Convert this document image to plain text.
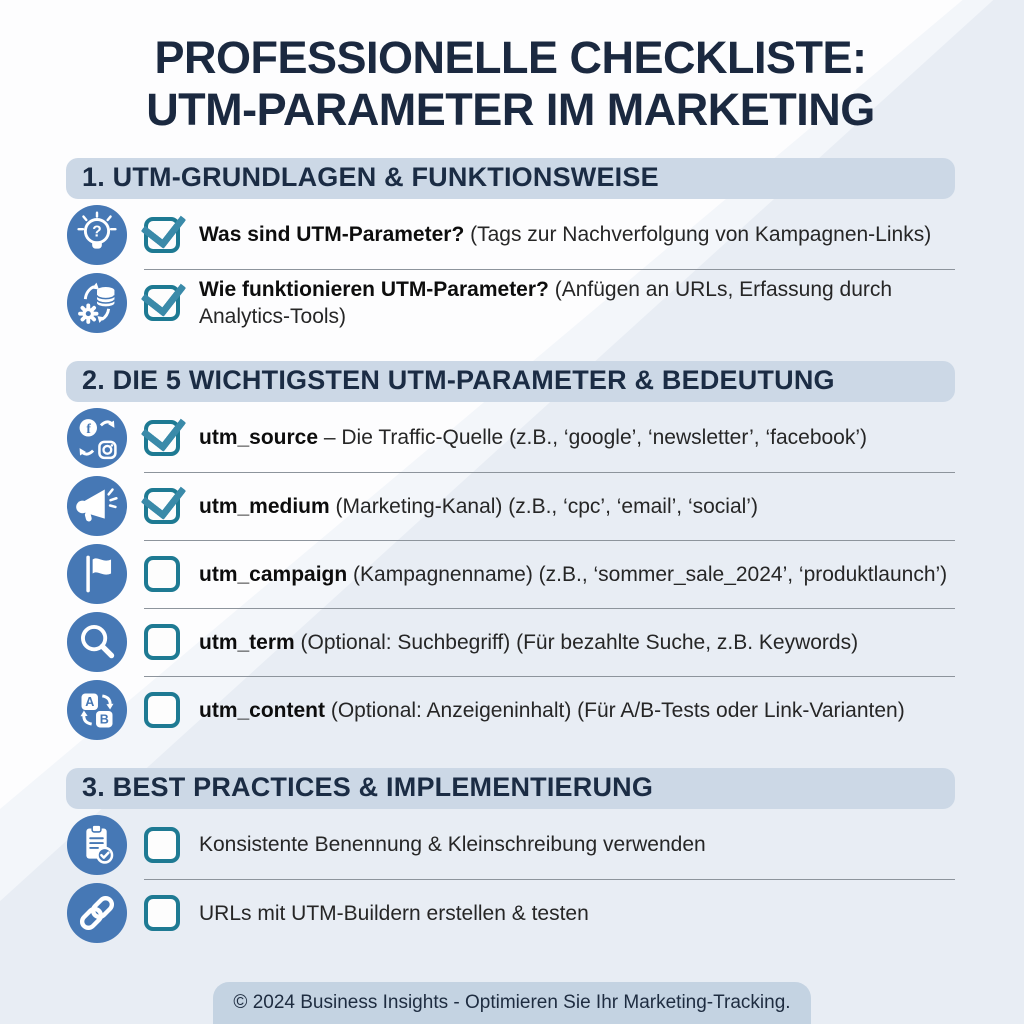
PROFESSIONELLE CHECKLISTE:
UTM-PARAMETER IM MARKETING
1. UTM-GRUNDLAGEN & FUNKTIONSWEISE
?	Was sind UTM-Parameter? (Tags zur Nachverfolgung von Kampagnen-Links)
Wie funktionieren UTM-Parameter? (Anfügen an URLs, Erfassung durch Analytics-Tools)
2. DIE 5 WICHTIGSTEN UTM-PARAMETER & BEDEUTUNG
f	utm_source – Die Traffic-Quelle (z.B., ‘google’, ‘newsletter’, ‘facebook’)
utm_medium (Marketing-Kanal) (z.B., ‘cpc’, ‘email’, ‘social’)
utm_campaign (Kampagnenname) (z.B., ‘sommer_sale_2024’, ‘produktlaunch’)
utm_term (Optional: Suchbegriff) (Für bezahlte Suche, z.B. Keywords)
A
B	utm_content (Optional: Anzeigeninhalt) (Für A/B-Tests oder Link-Varianten)
3. BEST PRACTICES & IMPLEMENTIERUNG
Konsistente Benennung & Kleinschreibung verwenden
URLs mit UTM-Buildern erstellen & testen
© 2024 Business Insights - Optimieren Sie Ihr Marketing-Tracking.
